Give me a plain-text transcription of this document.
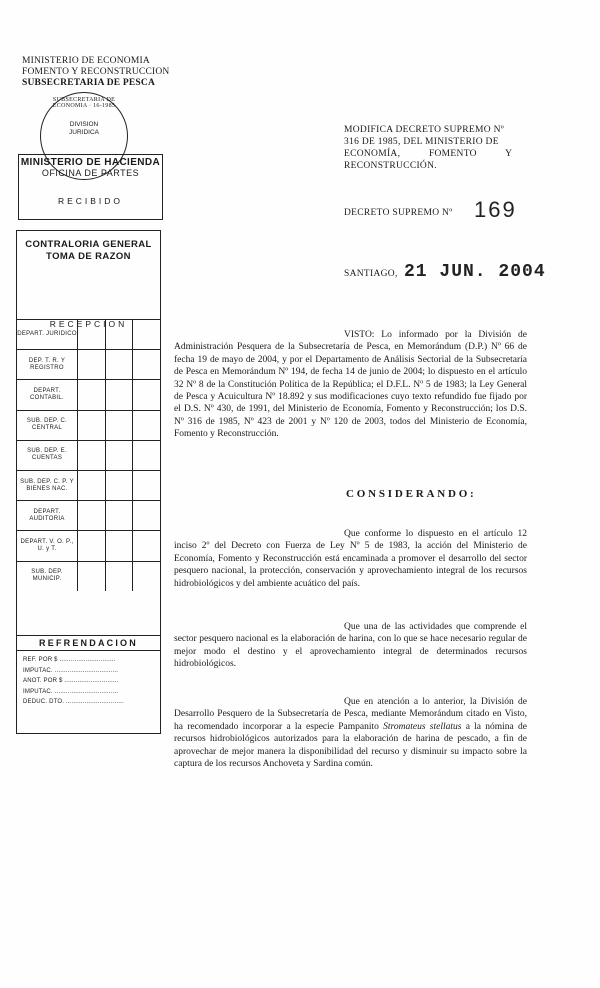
MINISTERIO DE ECONOMIA
FOMENTO Y RECONSTRUCCION
SUBSECRETARIA DE PESCA
SUBSECRETARIA DE ECONOMIA · 16-1985
DIVISION
JURIDICA
MINISTERIO DE HACIENDA
OFICINA DE PARTES
RECIBIDO
CONTRALORIA GENERAL
TOMA DE RAZON
RECEPCION
DEPART. JURIDICO
DEP. T. R. Y REGISTRO
DEPART. CONTABIL.
SUB. DEP. C. CENTRAL
SUB. DEP. E. CUENTAS
SUB. DEP. C. P. Y BIENES NAC.
DEPART. AUDITORIA
DEPART. V. O. P., U. y T.
SUB. DEP. MUNICIP.
REFRENDACION
REF. POR $ ..............................
IMPUTAC. ..................................
ANOT. POR $ .............................
IMPUTAC. ..................................
DEDUC. DTO. ...............................
MODIFICA DECRETO SUPREMO Nº
316 DE 1985, DEL MINISTERIO DE
ECONOMÍA, FOMENTO Y
RECONSTRUCCIÓN.
DECRETO SUPREMO Nº 169
SANTIAGO, 21 JUN. 2004
VISTO: Lo informado por la División de Administración Pesquera de la Subsecretaría de Pesca, en Memorándum (D.P.) Nº 66 de fecha 19 de mayo de 2004, y por el Departamento de Análisis Sectorial de la Subsecretaría de Pesca en Memorándum Nº 194, de fecha 14 de junio de 2004; lo dispuesto en el artículo 32 Nº 8 de la Constitución Política de la República; el D.F.L. Nº 5 de 1983; la Ley General de Pesca y Acuicultura Nº 18.892 y sus modificaciones cuyo texto refundido fue fijado por el D.S. Nº 430, de 1991, del Ministerio de Economía, Fomento y Reconstrucción; los D.S. Nº 316 de 1985, Nº 423 de 2001 y Nº 120 de 2003, todos del Ministerio de Economía, Fomento y Reconstrucción.
CONSIDERANDO:
Que conforme lo dispuesto en el artículo 12 inciso 2º del Decreto con Fuerza de Ley Nº 5 de 1983, la acción del Ministerio de Economía, Fomento y Reconstrucción está encaminada a promover el desarrollo del sector pesquero nacional, la protección, conservación y aprovechamiento integral de los recursos hidrobiológicos y del ambiente acuático del país.
Que una de las actividades que comprende el sector pesquero nacional es la elaboración de harina, con lo que se hace necesario regular de mejor modo el destino y el aprovechamiento integral de determinados recursos hidrobiológicos.
Que en atención a lo anterior, la División de Desarrollo Pesquero de la Subsecretaría de Pesca, mediante Memorándum citado en Visto, ha recomendado incorporar a la especie Pampanito Stromateus stellatus a la nómina de recursos hidrobiológicos autorizados para la elaboración de harina de pescado, a fin de aprovechar de mejor manera la disponibilidad del recurso y disminuir su impacto sobre la captura de los recursos Anchoveta y Sardina común.
